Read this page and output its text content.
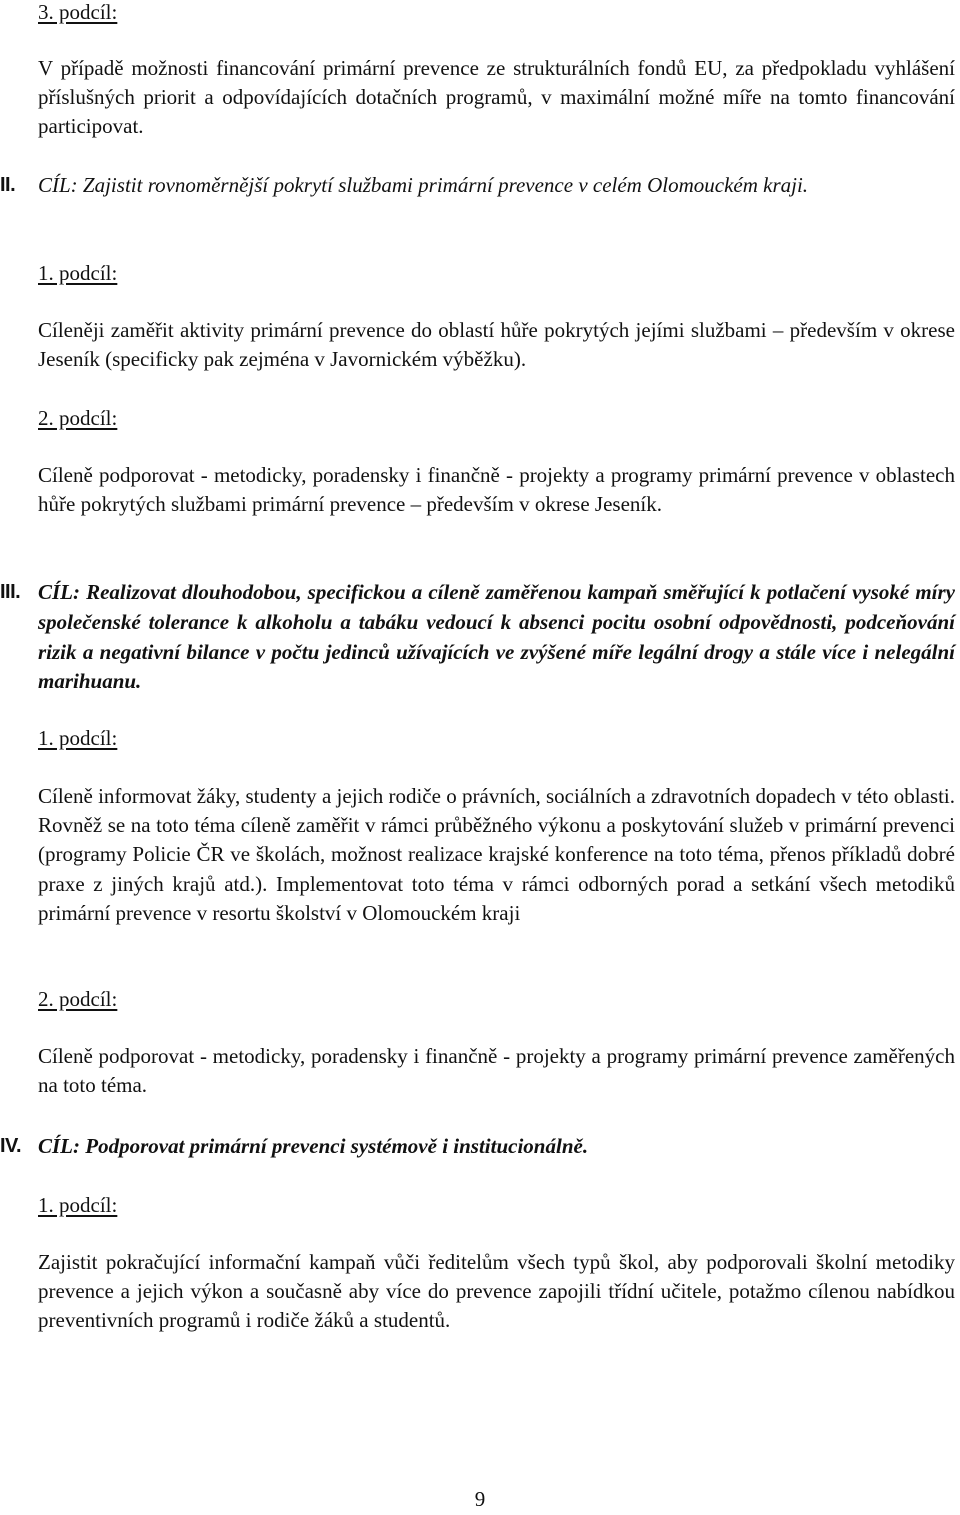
3. podcíl:
V případě možnosti financování primární prevence ze strukturálních fondů EU, za předpokladu vyhlášení příslušných priorit a odpovídajících dotačních programů, v maximální možné míře na tomto financování participovat.
II.	CÍL: Zajistit rovnoměrnější pokrytí službami primární prevence v celém Olomouckém kraji.
1. podcíl:
Cíleněji zaměřit aktivity primární prevence do oblastí hůře pokrytých jejími službami – především v okrese Jeseník (specificky pak zejména v Javornickém výběžku).
2. podcíl:
Cíleně podporovat - metodicky, poradensky i finančně - projekty a programy primární prevence v oblastech hůře pokrytých službami primární prevence – především v okrese Jeseník.
III. CÍL: Realizovat dlouhodobou, specifickou a cíleně zaměřenou kampaň směřující k potlačení vysoké míry společenské tolerance k alkoholu a tabáku vedoucí k absenci pocitu osobní odpovědnosti, podceňování rizik a negativní bilance v počtu jedinců užívajících ve zvýšené míře legální drogy a stále více i nelegální marihuanu.
1. podcíl:
Cíleně informovat žáky, studenty a jejich rodiče o právních, sociálních a zdravotních dopadech v této oblasti. Rovněž se na toto téma cíleně zaměřit v rámci průběžného výkonu a poskytování služeb v primární prevenci (programy Policie ČR ve školách, možnost realizace krajské konference na toto téma, přenos příkladů dobré praxe z jiných krajů atd.). Implementovat toto téma v rámci odborných porad a setkání všech metodiků primární prevence v resortu školství v Olomouckém kraji
2. podcíl:
Cíleně podporovat - metodicky, poradensky i finančně - projekty a programy primární prevence zaměřených na toto téma.
IV. CÍL: Podporovat primární prevenci systémově i institucionálně.
1. podcíl:
Zajistit pokračující informační kampaň vůči ředitelům všech typů škol, aby podporovali školní metodiky prevence a jejich výkon a současně aby více do prevence zapojili třídní učitele, potažmo cílenou nabídkou preventivních programů i rodiče žáků a studentů.
9
